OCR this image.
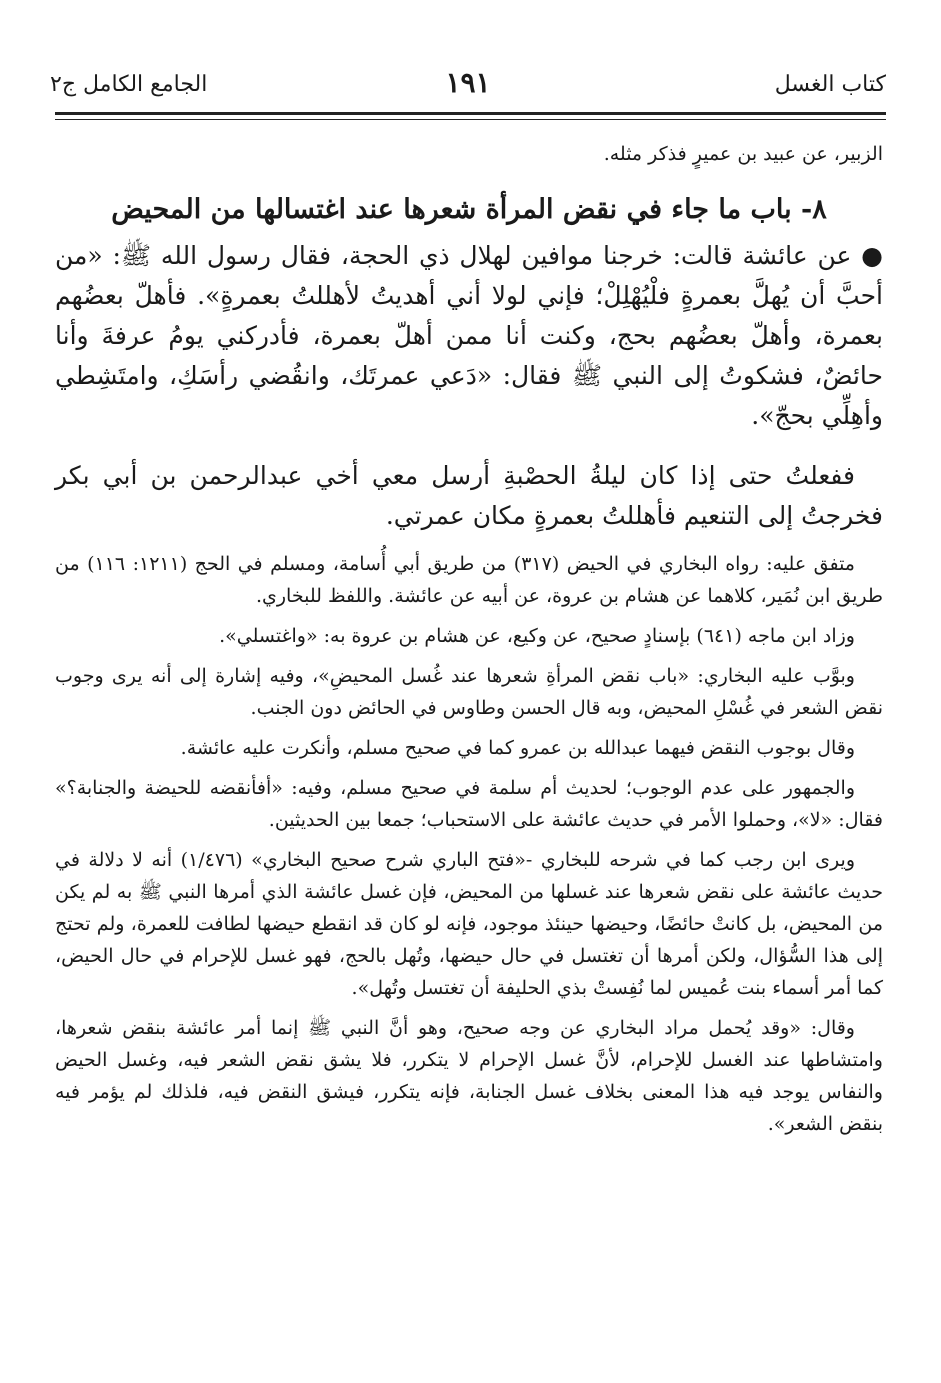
كتاب الغسل
١٩١
الجامع الكامل ج٢

الزبير، عن عبيد بن عميرٍ فذكر مثله.

٨- باب ما جاء في نقض المرأة شعرها عند اغتسالها من المحيض

● عن عائشة قالت: خرجنا موافين لهلال ذي الحجة، فقال رسول الله ﷺ: «من أحبَّ أن يُهلَّ بعمرةٍ فلْيُهْلِلْ؛ فإني لولا أني أهديتُ لأهللتُ بعمرةٍ». فأهلّ بعضُهم بعمرة، وأهلّ بعضُهم بحج، وكنت أنا ممن أهلّ بعمرة، فأدركني يومُ عرفةَ وأنا حائضٌ، فشكوتُ إلى النبي ﷺ فقال: «دَعي عمرتَك، وانقُضي رأسَكِ، وامتَشِطي وأهِلِّي بحجّ».

ففعلتُ حتى إذا كان ليلةُ الحصْبةِ أرسل معي أخي عبدالرحمن بن أبي بكر فخرجتُ إلى التنعيم فأهللتُ بعمرةٍ مكان عمرتي.

متفق عليه: رواه البخاري في الحيض (٣١٧) من طريق أبي أُسامة، ومسلم في الحج (١٢١١: ١١٦) من طريق ابن نُمَير، كلاهما عن هشام بن عروة، عن أبيه عن عائشة. واللفظ للبخاري.

وزاد ابن ماجه (٦٤١) بإسنادٍ صحيح، عن وكيع، عن هشام بن عروة به: «واغتسلي».

وبوَّب عليه البخاري: «باب نقض المرأةِ شعرها عند غُسل المحيضِ»، وفيه إشارة إلى أنه يرى وجوب نقض الشعر في غُسْلِ المحيض، وبه قال الحسن وطاوس في الحائض دون الجنب.

وقال بوجوب النقض فيهما عبدالله بن عمرو كما في صحيح مسلم، وأنكرت عليه عائشة.

والجمهور على عدم الوجوب؛ لحديث أم سلمة في صحيح مسلم، وفيه: «أفأنقضه للحيضة والجنابة؟» فقال: «لا»، وحملوا الأمر في حديث عائشة على الاستحباب؛ جمعا بين الحديثين.

ويرى ابن رجب كما في شرحه للبخاري -«فتح الباري شرح صحيح البخاري» (١/٤٧٦) أنه لا دلالة في حديث عائشة على نقض شعرها عند غسلها من المحيض، فإن غسل عائشة الذي أمرها النبي ﷺ به لم يكن من المحيض، بل كانتْ حائضًا، وحيضها حينئذ موجود، فإنه لو كان قد انقطع حيضها لطافت للعمرة، ولم تحتج إلى هذا السُّؤال، ولكن أمرها أن تغتسل في حال حيضها، وتُهل بالحج، فهو غسل للإحرام في حال الحيض، كما أمر أسماء بنت عُميس لما نُفِستْ بذي الحليفة أن تغتسل وتُهل».

وقال: «وقد يُحمل مراد البخاري عن وجه صحيح، وهو أنَّ النبي ﷺ إنما أمر عائشة بنقض شعرها، وامتشاطها عند الغسل للإحرام، لأنَّ غسل الإحرام لا يتكرر، فلا يشق نقض الشعر فيه، وغسل الحيض والنفاس يوجد فيه هذا المعنى بخلاف غسل الجنابة، فإنه يتكرر، فيشق النقض فيه، فلذلك لم يؤمر فيه بنقض الشعر».
